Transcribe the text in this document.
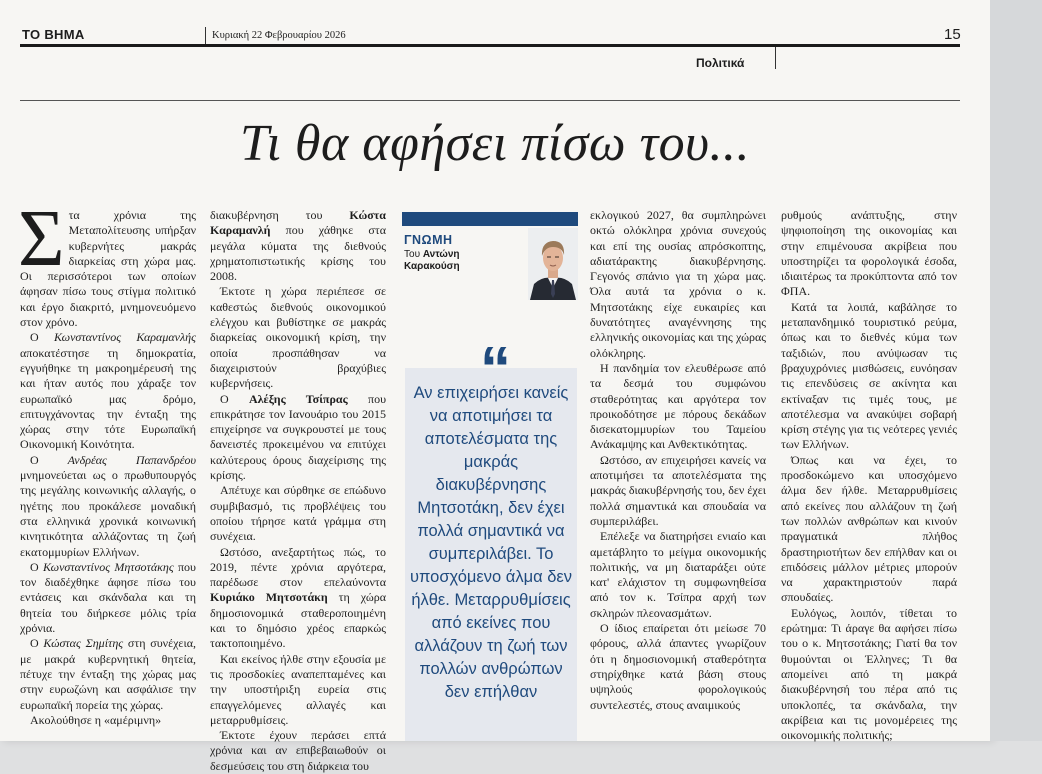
ΤΟ ΒΗΜΑ	Κυριακή 22 Φεβρουαρίου 2026	15
Πολιτικά
Τι θα αφήσει πίσω του...

Στα χρόνια της Μεταπολίτευσης υπήρξαν κυβερνήτες μακράς διαρκείας στη χώρα μας. Οι περισσότεροι των οποίων άφησαν πίσω τους στίγμα πολιτικό και έργο διακριτό, μνημονευόμενο στον χρόνο.

Ο Κωνσταντίνος Καραμανλής αποκατέστησε τη δημοκρατία, εγγυήθηκε τη μακροημέρευσή της και ήταν αυτός που χάραξε τον ευρωπαϊκό μας δρόμο, επιτυγχάνοντας την ένταξη της χώρας στην τότε Ευρωπαϊκή Οικονομική Κοινότητα.

Ο Ανδρέας Παπανδρέου μνημονεύεται ως ο πρωθυπουργός της μεγάλης κοινωνικής αλλαγής, ο ηγέτης που προκάλεσε μοναδική στα ελληνικά χρονικά κοινωνική κινητικότητα αλλάζοντας τη ζωή εκατομμυρίων Ελλήνων.

Ο Κωνσταντίνος Μητσοτάκης που τον διαδέχθηκε άφησε πίσω του εντάσεις και σκάνδαλα και τη θητεία του διήρκεσε μόλις τρία χρόνια.

Ο Κώστας Σημίτης στη συνέχεια, με μακρά κυβερνητική θητεία, πέτυχε την ένταξη της χώρας μας στην ευρωζώνη και ασφάλισε την ευρωπαϊκή πορεία της χώρας.

Ακολούθησε η «αμέριμνη»

διακυβέρνηση του Κώστα Καραμανλή που χάθηκε στα μεγάλα κύματα της διεθνούς χρηματοπιστωτικής κρίσης του 2008.

Έκτοτε η χώρα περιέπεσε σε καθεστώς διεθνούς οικονομικού ελέγχου και βυθίστηκε σε μακράς διαρκείας οικονομική κρίση, την οποία προσπάθησαν να διαχειριστούν βραχύβιες κυβερνήσεις.

Ο Αλέξης Τσίπρας που επικράτησε τον Ιανουάριο του 2015 επιχείρησε να συγκρουστεί με τους δανειστές προκειμένου να επιτύχει καλύτερους όρους διαχείρισης της κρίσης.

Απέτυχε και σύρθηκε σε επώδυνο συμβιβασμό, τις προβλέψεις του οποίου τήρησε κατά γράμμα στη συνέχεια.

Ωστόσο, ανεξαρτήτως πώς, το 2019, πέντε χρόνια αργότερα, παρέδωσε στον επελαύνοντα Κυριάκο Μητσοτάκη τη χώρα δημοσιονομικά σταθεροποιημένη και το δημόσιο χρέος επαρκώς τακτοποιημένο.

Και εκείνος ήλθε στην εξουσία με τις προσδοκίες αναπεπταμένες και την υποστήριξη ευρεία στις επαγγελόμενες αλλαγές και μεταρρυθμίσεις.

Έκτοτε έχουν περάσει επτά χρόνια και αν επιβεβαιωθούν οι δεσμεύσεις του στη διάρκεια του

ΓΝΩΜΗ
Του Αντώνη
Καρακούση
“
Αν επιχειρήσει κανείς να αποτιμήσει τα αποτελέσματα της μακράς διακυβέρνησης Μητσοτάκη, δεν έχει πολλά σημαντικά να συμπεριλάβει. Το υποσχόμενο άλμα δεν ήλθε. Μεταρρυθμίσεις από εκείνες που αλλάζουν τη ζωή των πολλών ανθρώπων δεν επήλθαν

εκλογικού 2027, θα συμπληρώνει οκτώ ολόκληρα χρόνια συνεχούς και επί της ουσίας απρόσκοπτης, αδιατάρακτης διακυβέρνησης. Γεγονός σπάνιο για τη χώρα μας. Όλα αυτά τα χρόνια ο κ. Μητσοτάκης είχε ευκαιρίες και δυνατότητες αναγέννησης της ελληνικής οικονομίας και της χώρας ολόκληρης.

Η πανδημία τον ελευθέρωσε από τα δεσμά του συμφώνου σταθερότητας και αργότερα τον προικοδότησε με πόρους δεκάδων δισεκατομμυρίων του Ταμείου Ανάκαμψης και Ανθεκτικότητας.

Ωστόσο, αν επιχειρήσει κανείς να αποτιμήσει τα αποτελέσματα της μακράς διακυβέρνησής του, δεν έχει πολλά σημαντικά και σπουδαία να συμπεριλάβει.

Επέλεξε να διατηρήσει ενιαίο και αμετάβλητο το μείγμα οικονομικής πολιτικής, να μη διαταράξει ούτε κατ' ελάχιστον τη συμφωνηθείσα από τον κ. Τσίπρα αρχή των σκληρών πλεονασμάτων.

Ο ίδιος επαίρεται ότι μείωσε 70 φόρους, αλλά άπαντες γνωρίζουν ότι η δημοσιονομική σταθερότητα στηρίχθηκε κατά βάση στους υψηλούς φορολογικούς συντελεστές, στους αναιμικούς

ρυθμούς ανάπτυξης, στην ψηφιοποίηση της οικονομίας και στην επιμένουσα ακρίβεια που υποστηρίζει τα φορολογικά έσοδα, ιδιαιτέρως τα προκύπτοντα από τον ΦΠΑ.

Κατά τα λοιπά, καβάλησε το μεταπανδημικό τουριστικό ρεύμα, όπως και το διεθνές κύμα των ταξιδιών, που ανύψωσαν τις βραχυχρόνιες μισθώσεις, ευνόησαν τις επενδύσεις σε ακίνητα και εκτίναξαν τις τιμές τους, με αποτέλεσμα να ανακύψει σοβαρή κρίση στέγης για τις νεότερες γενιές των Ελλήνων.

Όπως και να έχει, το προσδοκώμενο και υποσχόμενο άλμα δεν ήλθε. Μεταρρυθμίσεις από εκείνες που αλλάζουν τη ζωή των πολλών ανθρώπων και κινούν πραγματικά πλήθος δραστηριοτήτων δεν επήλθαν και οι επιδόσεις μάλλον μέτριες μπορούν να χαρακτηριστούν παρά σπουδαίες.

Ευλόγως, λοιπόν, τίθεται το ερώτημα: Τι άραγε θα αφήσει πίσω του ο κ. Μητσοτάκης; Γιατί θα τον θυμούνται οι Έλληνες; Τι θα απομείνει από τη μακρά διακυβέρνησή του πέρα από τις υποκλοπές, τα σκάνδαλα, την ακρίβεια και τις μονομέρειες της οικονομικής πολιτικής;
